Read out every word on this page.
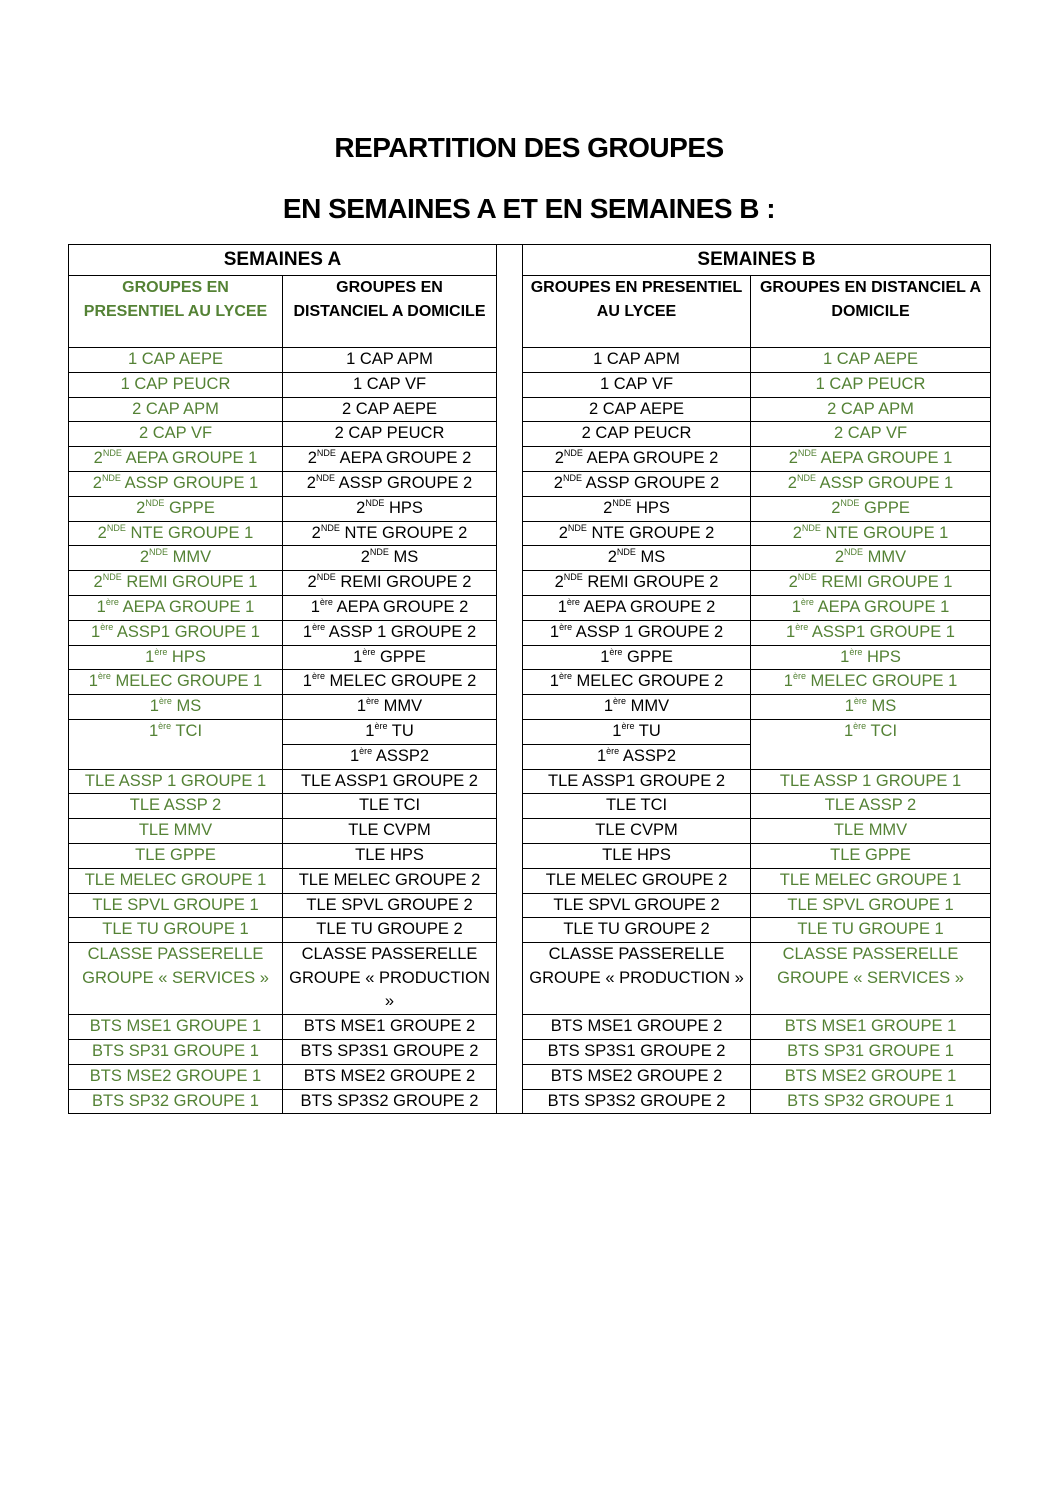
REPARTITION DES GROUPES
EN SEMAINES A ET EN SEMAINES B :
SEMAINES A			SEMAINES B	
GROUPES EN PRESENTIEL AU LYCEE	GROUPES EN DISTANCIEL A DOMICILE		GROUPES EN PRESENTIEL AU LYCEE	GROUPES EN DISTANCIEL A DOMICILE
1 CAP AEPE	1 CAP APM		1 CAP APM	1 CAP AEPE
1 CAP PEUCR	1 CAP VF		1 CAP VF	1 CAP PEUCR
2 CAP APM	2 CAP AEPE		2 CAP AEPE	2 CAP APM
2 CAP VF	2 CAP PEUCR		2 CAP PEUCR	2 CAP VF
2NDE AEPA GROUPE 1	2NDE AEPA GROUPE 2		2NDE AEPA GROUPE 2	2NDE AEPA GROUPE 1
2NDE ASSP GROUPE 1	2NDE ASSP GROUPE 2		2NDE ASSP GROUPE 2	2NDE ASSP GROUPE 1
2NDE GPPE	2NDE HPS		2NDE HPS	2NDE GPPE
2NDE NTE GROUPE 1	2NDE NTE GROUPE 2		2NDE NTE GROUPE 2	2NDE NTE GROUPE 1
2NDE MMV	2NDE MS		2NDE MS	2NDE MMV
2NDE REMI GROUPE 1	2NDE REMI GROUPE 2		2NDE REMI GROUPE 2	2NDE REMI GROUPE 1
1ère AEPA GROUPE 1	1ère AEPA GROUPE 2		1ère AEPA GROUPE 2	1ère AEPA GROUPE 1
1ère ASSP1 GROUPE 1	1ère ASSP 1 GROUPE 2		1ère ASSP 1 GROUPE 2	1ère ASSP1 GROUPE 1
1ère HPS	1ère GPPE		1ère GPPE	1ère HPS
1ère MELEC GROUPE 1	1ère MELEC GROUPE 2		1ère MELEC GROUPE 2	1ère MELEC GROUPE 1
1ère MS	1ère MMV		1ère MMV	1ère MS
1ère TCI	1ère TU		1ère TU	1ère TCI
	1ère ASSP2		1ère ASSP2	
TLE ASSP 1 GROUPE 1	TLE ASSP1 GROUPE 2		TLE ASSP1 GROUPE 2	TLE ASSP 1 GROUPE 1
TLE ASSP 2	TLE TCI		TLE TCI	TLE ASSP 2
TLE MMV	TLE CVPM		TLE CVPM	TLE MMV
TLE GPPE	TLE HPS		TLE HPS	TLE GPPE
TLE MELEC GROUPE 1	TLE MELEC GROUPE 2		TLE MELEC GROUPE 2	TLE MELEC GROUPE 1
TLE SPVL GROUPE 1	TLE SPVL GROUPE 2		TLE SPVL GROUPE 2	TLE SPVL GROUPE 1
TLE TU GROUPE 1	TLE TU GROUPE 2		TLE TU GROUPE 2	TLE TU GROUPE 1
CLASSE PASSERELLE GROUPE « SERVICES »	CLASSE PASSERELLE GROUPE « PRODUCTION »		CLASSE PASSERELLE GROUPE « PRODUCTION »	CLASSE PASSERELLE GROUPE « SERVICES »
BTS MSE1 GROUPE 1	BTS MSE1 GROUPE 2		BTS MSE1 GROUPE 2	BTS MSE1 GROUPE 1
BTS SP31 GROUPE 1	BTS SP3S1 GROUPE 2		BTS SP3S1 GROUPE 2	BTS SP31 GROUPE 1
BTS MSE2 GROUPE 1	BTS MSE2 GROUPE 2		BTS MSE2 GROUPE 2	BTS MSE2 GROUPE 1
BTS SP32 GROUPE 1	BTS SP3S2 GROUPE 2		BTS SP3S2 GROUPE 2	BTS SP32 GROUPE 1
